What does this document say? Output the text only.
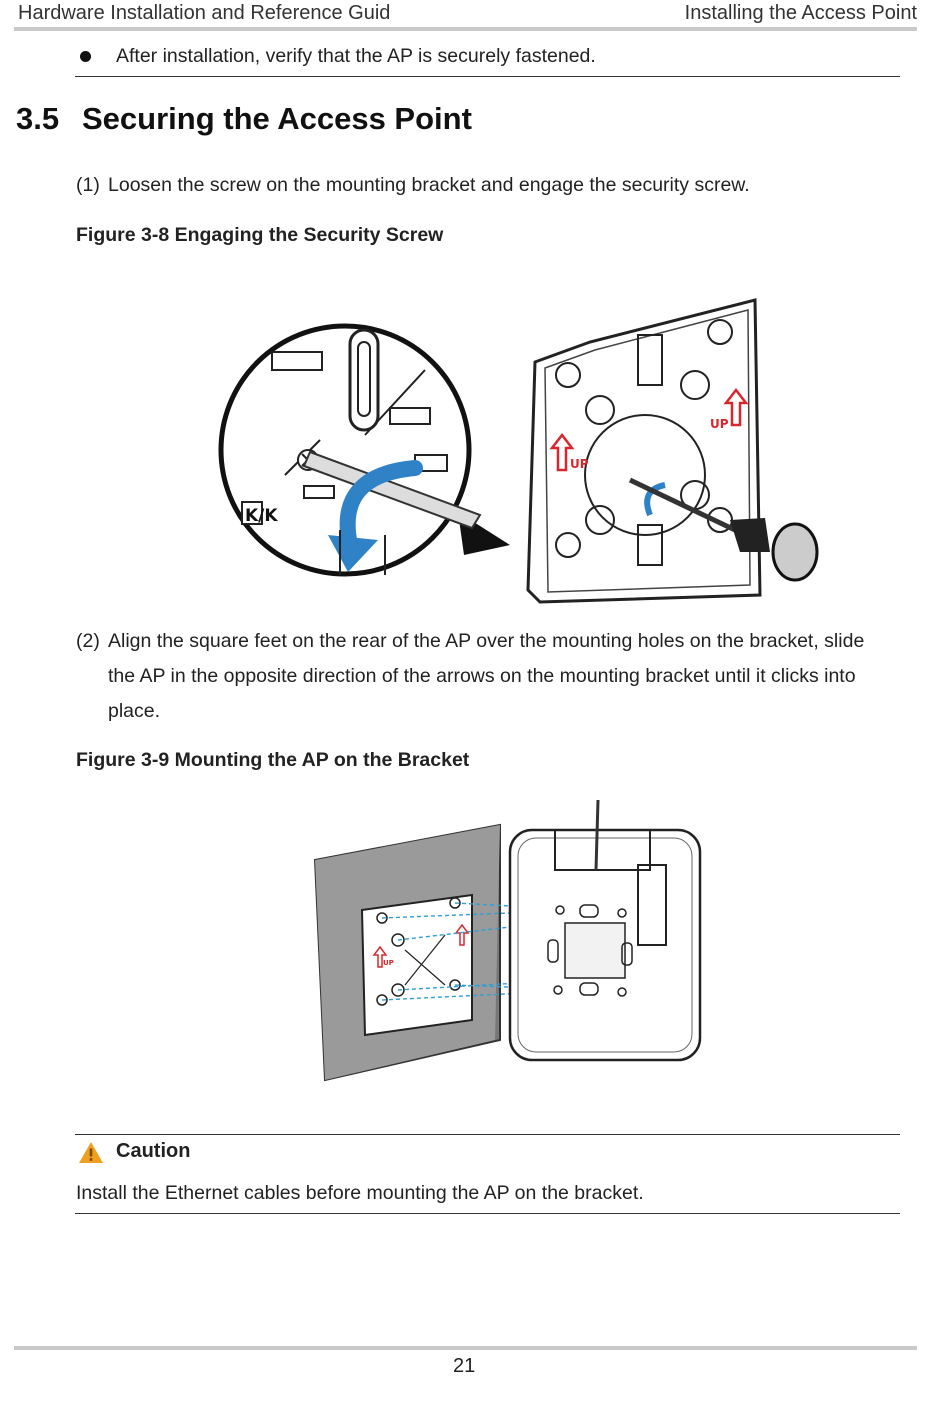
Hardware Installation and Reference Guid	Installing the Access Point
After installation, verify that the AP is securely fastened.
3.5 Securing the Access Point
(1) Loosen the screw on the mounting bracket and engage the security screw.
Figure 3-8 Engaging the Security Screw
K/K
UP
UP
(2) Align the square feet on the rear of the AP over the mounting holes on the bracket, slide the AP in the opposite direction of the arrows on the mounting bracket until it clicks into place.
Figure 3-9 Mounting the AP on the Bracket
UP
Caution
Install the Ethernet cables before mounting the AP on the bracket.
21
